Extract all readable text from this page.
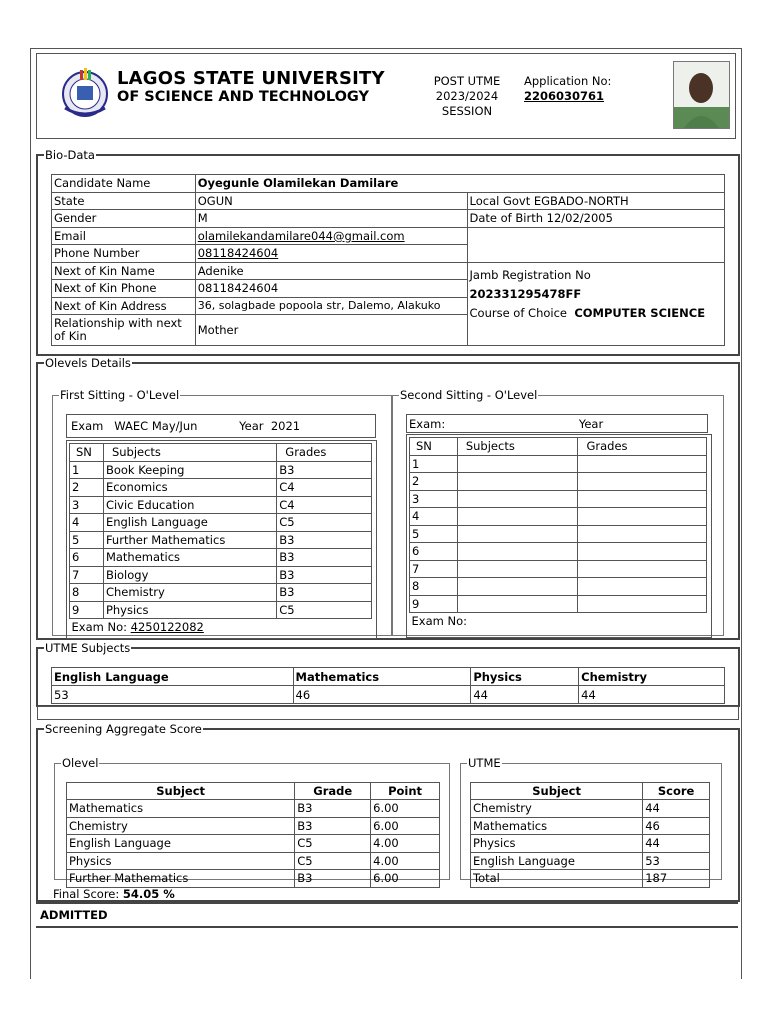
LAGOS STATE UNIVERSITY
OF SCIENCE AND TECHNOLOGY
POST UTME
2023/2024
SESSION
Application No:
2206030761
Bio-Data
Candidate Name	Oyegunle Olamilekan Damilare	
State	OGUN	Local Govt EGBADO-NORTH
Gender	M	Date of Birth 12/02/2005
Email	olamilekandamilare044@gmail.com	
Phone Number	08118424604	
Next of Kin Name	Adenike	Jamb Registration No
202331295478FF
Course of Choice COMPUTER SCIENCE

Next of Kin Phone	08118424604	
Next of Kin Address	36, solagbade popoola str, Dalemo, Alakuko	
Relationship with next of Kin	Mother	
Olevels Details
First Sitting - O'Level
Exam WAEC May/Jun	Year 2021
SN	Subjects	Grades
1	Book Keeping	B3
2	Economics	C4
3	Civic Education	C4
4	English Language	C5
5	Further Mathematics	B3
6	Mathematics	B3
7	Biology	B3
8	Chemistry	B3
9	Physics	C5
Exam No: 4250122082		
Second Sitting - O'Level
Exam:	Year
SN	Subjects	Grades
1		
2		
3		
4		
5		
6		
7		
8		
9		
Exam No:		
UTME Subjects
English Language	Mathematics	Physics	Chemistry
53	46	44	44
Screening Aggregate Score
Olevel
Subject	Grade	Point
Mathematics	B3	6.00
Chemistry	B3	6.00
English Language	C5	4.00
Physics	C5	4.00
Further Mathematics	B3	6.00
UTME
Subject	Score
Chemistry	44
Mathematics	46
Physics	44
English Language	53
Total	187
Final Score: 54.05 %
ADMITTED
